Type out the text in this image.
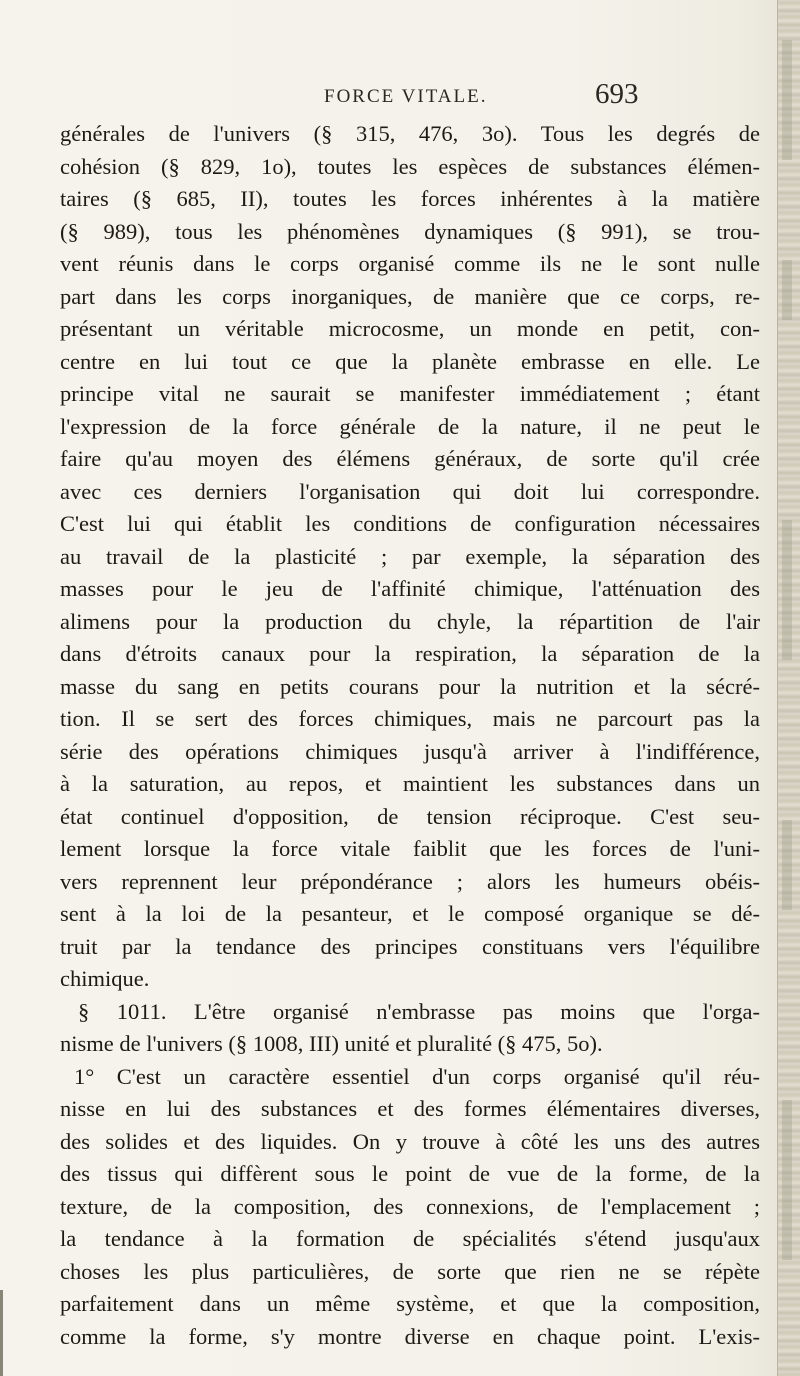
FORCE VITALE.	693
générales de l'univers (§ 315, 476, 3o). Tous les degrés de
cohésion (§ 829, 1o), toutes les espèces de substances élémen-
taires (§ 685, II), toutes les forces inhérentes à la matière
(§ 989), tous les phénomènes dynamiques (§ 991), se trou-
vent réunis dans le corps organisé comme ils ne le sont nulle
part dans les corps inorganiques, de manière que ce corps, re-
présentant un véritable microcosme, un monde en petit, con-
centre en lui tout ce que la planète embrasse en elle. Le
principe vital ne saurait se manifester immédiatement ; étant
l'expression de la force générale de la nature, il ne peut le
faire qu'au moyen des élémens généraux, de sorte qu'il crée
avec ces derniers l'organisation qui doit lui correspondre.
C'est lui qui établit les conditions de configuration nécessaires
au travail de la plasticité ; par exemple, la séparation des
masses pour le jeu de l'affinité chimique, l'atténuation des
alimens pour la production du chyle, la répartition de l'air
dans d'étroits canaux pour la respiration, la séparation de la
masse du sang en petits courans pour la nutrition et la sécré-
tion. Il se sert des forces chimiques, mais ne parcourt pas la
série des opérations chimiques jusqu'à arriver à l'indifférence,
à la saturation, au repos, et maintient les substances dans un
état continuel d'opposition, de tension réciproque. C'est seu-
lement lorsque la force vitale faiblit que les forces de l'uni-
vers reprennent leur prépondérance ; alors les humeurs obéis-
sent à la loi de la pesanteur, et le composé organique se dé-
truit par la tendance des principes constituans vers l'équilibre
chimique.
§ 1011. L'être organisé n'embrasse pas moins que l'orga-
nisme de l'univers (§ 1008, III) unité et pluralité (§ 475, 5o).
1° C'est un caractère essentiel d'un corps organisé qu'il réu-
nisse en lui des substances et des formes élémentaires diverses,
des solides et des liquides. On y trouve à côté les uns des autres
des tissus qui diffèrent sous le point de vue de la forme, de la
texture, de la composition, des connexions, de l'emplacement ;
la tendance à la formation de spécialités s'étend jusqu'aux
choses les plus particulières, de sorte que rien ne se répète
parfaitement dans un même système, et que la composition,
comme la forme, s'y montre diverse en chaque point. L'exis-
